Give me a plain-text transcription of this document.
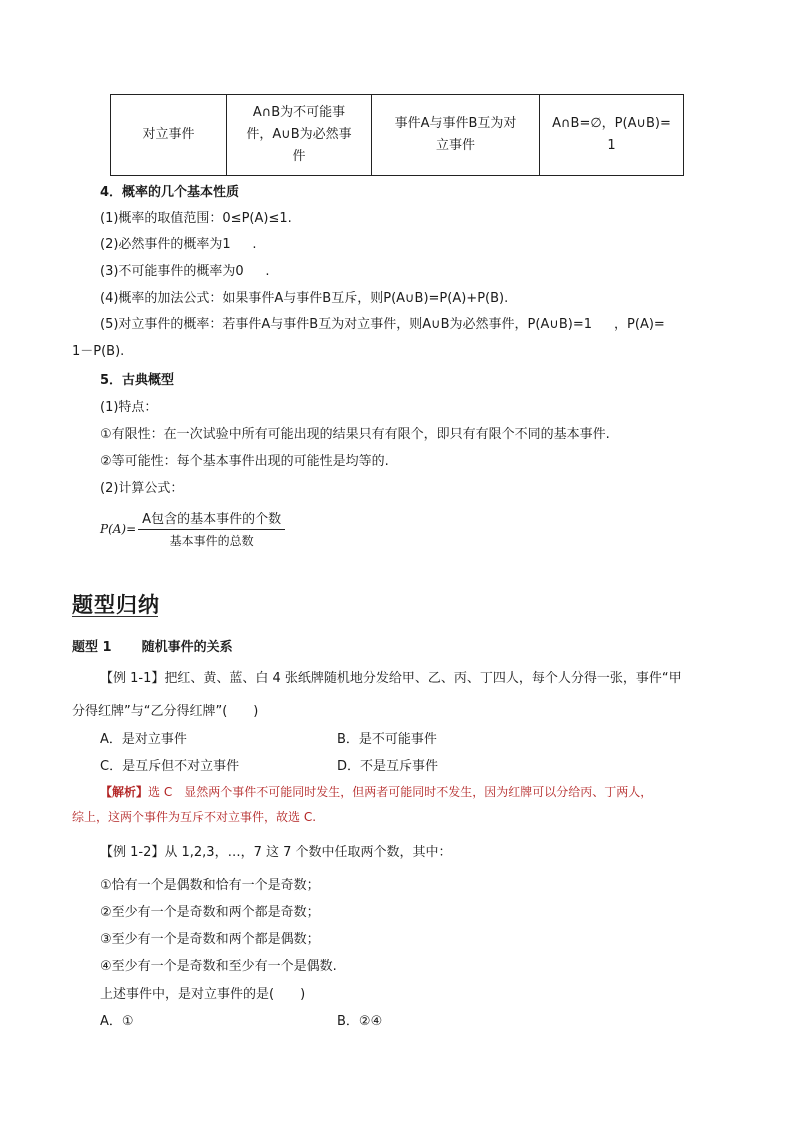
对立事件	
A∩B为不可能事
件，A∪B为必然事
件

事件A与事件B互为对
立事件

A∩B=∅，P(A∪B)=
1
4．概率的几个基本性质
(1)概率的取值范围：0≤P(A)≤1.
(2)必然事件的概率为1 .
(3)不可能事件的概率为0 .
(4)概率的加法公式：如果事件A与事件B互斥，则P(A∪B)=P(A)+P(B).
(5)对立事件的概率：若事件A与事件B互为对立事件，则A∪B为必然事件，P(A∪B)=1 ，P(A)=
1－P(B).
5．古典概型
(1)特点：
①有限性：在一次试验中所有可能出现的结果只有有限个，即只有有限个不同的基本事件.
②等可能性：每个基本事件出现的可能性是均等的.
(2)计算公式：
$P(A)= \frac{\text{A包含的基本事件的个数}}{\text{基本事件的总数}}$
题型归纳
题型 1 随机事件的关系
【例 1-1】把红、黄、蓝、白 4 张纸牌随机地分发给甲、乙、丙、丁四人，每个人分得一张，事件“甲
分得红牌”与“乙分得红牌”(　　)
A．是对立事件	B．是不可能事件
C．是互斥但不对立事件	D．不是互斥事件
【解析】选 C　显然两个事件不可能同时发生，但两者可能同时不发生，因为红牌可以分给丙、丁两人，
综上，这两个事件为互斥不对立事件，故选 C.
【例 1-2】从 1,2,3，…，7 这 7 个数中任取两个数，其中：
①恰有一个是偶数和恰有一个是奇数；
②至少有一个是奇数和两个都是奇数；
③至少有一个是奇数和两个都是偶数；
④至少有一个是奇数和至少有一个是偶数.
上述事件中，是对立事件的是(　　)
A．①	B．②④
